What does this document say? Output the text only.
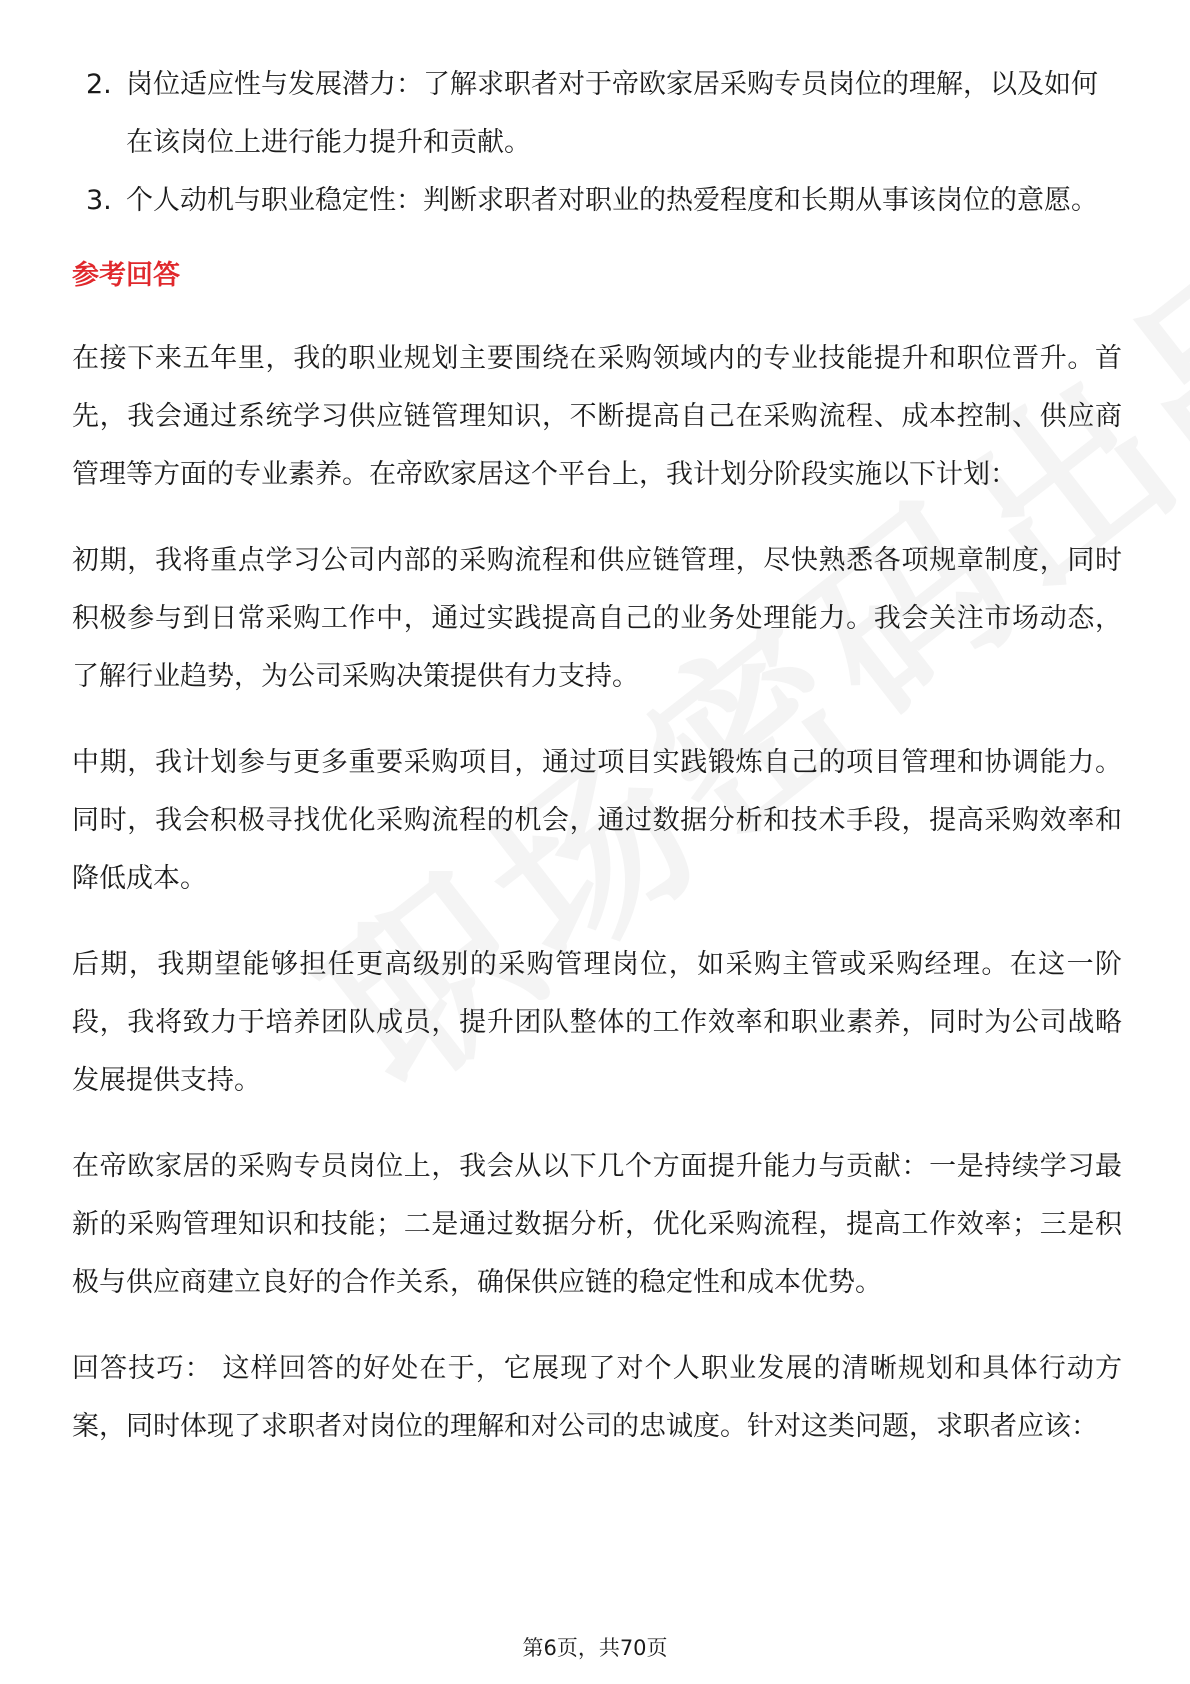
2. 岗位适应性与发展潜力：了解求职者对于帝欧家居采购专员岗位的理解，以及如何在该岗位上进行能力提升和贡献。
3. 个人动机与职业稳定性：判断求职者对职业的热爱程度和长期从事该岗位的意愿。
参考回答

在接下来五年里，我的职业规划主要围绕在采购领域内的专业技能提升和职位晋升。首先，我会通过系统学习供应链管理知识，不断提高自己在采购流程、成本控制、供应商管理等方面的专业素养。在帝欧家居这个平台上，我计划分阶段实施以下计划：

初期，我将重点学习公司内部的采购流程和供应链管理，尽快熟悉各项规章制度，同时积极参与到日常采购工作中，通过实践提高自己的业务处理能力。我会关注市场动态，了解行业趋势，为公司采购决策提供有力支持。

中期，我计划参与更多重要采购项目，通过项目实践锻炼自己的项目管理和协调能力。同时，我会积极寻找优化采购流程的机会，通过数据分析和技术手段，提高采购效率和降低成本。

后期，我期望能够担任更高级别的采购管理岗位，如采购主管或采购经理。在这一阶段，我将致力于培养团队成员，提升团队整体的工作效率和职业素养，同时为公司战略发展提供支持。

在帝欧家居的采购专员岗位上，我会从以下几个方面提升能力与贡献：一是持续学习最新的采购管理知识和技能；二是通过数据分析，优化采购流程，提高工作效率；三是积极与供应商建立良好的合作关系，确保供应链的稳定性和成本优势。

回答技巧： 这样回答的好处在于，它展现了对个人职业发展的清晰规划和具体行动方案，同时体现了求职者对岗位的理解和对公司的忠诚度。针对这类问题，求职者应该：

第6页，共70页
